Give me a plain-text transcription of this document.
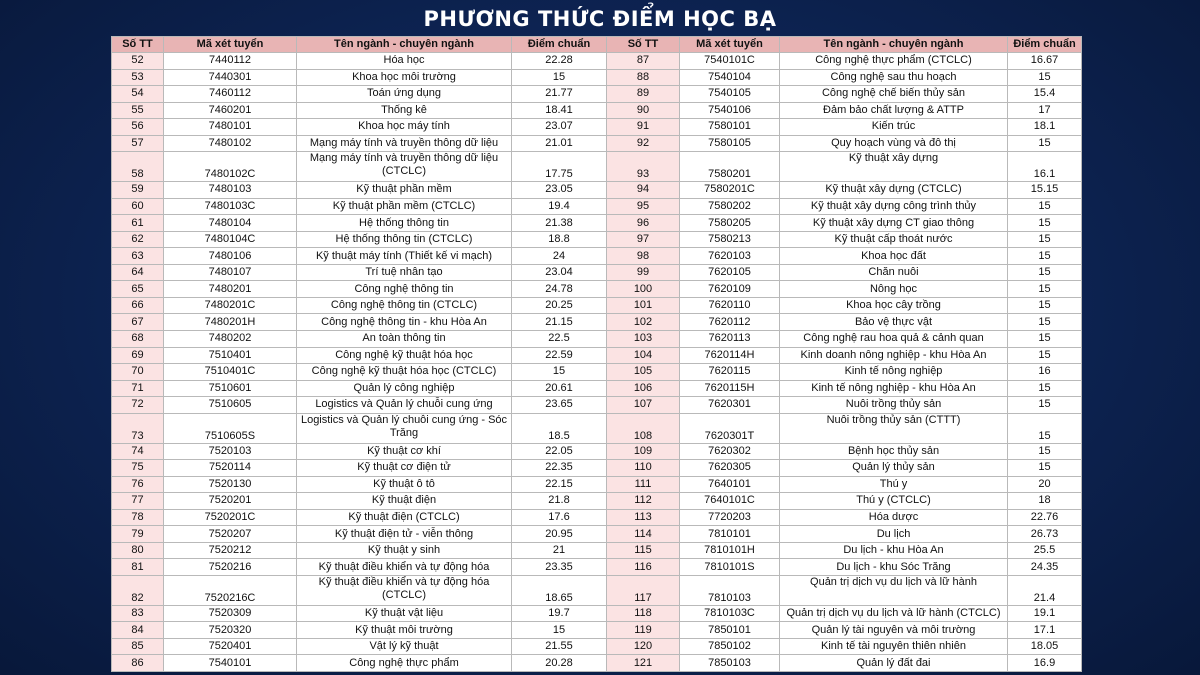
PHƯƠNG THỨC ĐIỂM HỌC BẠ
Số TT	Mã xét tuyển	Tên ngành - chuyên ngành	Điểm chuẩn	Số TT	Mã xét tuyển	Tên ngành - chuyên ngành	Điểm chuẩn
52	7440112	Hóa học	22.28	87	7540101C	Công nghệ thực phẩm (CTCLC)	16.67
53	7440301	Khoa học môi trường	15	88	7540104	Công nghệ sau thu hoạch	15
54	7460112	Toán ứng dụng	21.77	89	7540105	Công nghệ chế biến thủy sản	15.4
55	7460201	Thống kê	18.41	90	7540106	Đảm bảo chất lượng & ATTP	17
56	7480101	Khoa học máy tính	23.07	91	7580101	Kiến trúc	18.1
57	7480102	Mạng máy tính và truyền thông dữ liệu	21.01	92	7580105	Quy hoạch vùng và đô thị	15
58	7480102C	Mạng máy tính và truyền thông dữ liệu (CTCLC)	17.75	93	7580201	Kỹ thuật xây dựng	16.1
59	7480103	Kỹ thuật phần mềm	23.05	94	7580201C	Kỹ thuật xây dựng (CTCLC)	15.15
60	7480103C	Kỹ thuật phần mềm (CTCLC)	19.4	95	7580202	Kỹ thuật xây dựng công trình thủy	15
61	7480104	Hệ thống thông tin	21.38	96	7580205	Kỹ thuật xây dựng CT giao thông	15
62	7480104C	Hệ thống thông tin (CTCLC)	18.8	97	7580213	Kỹ thuật cấp thoát nước	15
63	7480106	Kỹ thuật máy tính (Thiết kế vi mạch)	24	98	7620103	Khoa học đất	15
64	7480107	Trí tuệ nhân tạo	23.04	99	7620105	Chăn nuôi	15
65	7480201	Công nghệ thông tin	24.78	100	7620109	Nông học	15
66	7480201C	Công nghệ thông tin (CTCLC)	20.25	101	7620110	Khoa học cây trồng	15
67	7480201H	Công nghệ thông tin - khu Hòa An	21.15	102	7620112	Bảo vệ thực vật	15
68	7480202	An toàn thông tin	22.5	103	7620113	Công nghệ rau hoa quả & cảnh quan	15
69	7510401	Công nghệ kỹ thuật hóa học	22.59	104	7620114H	Kinh doanh nông nghiệp - khu Hòa An	15
70	7510401C	Công nghệ kỹ thuật hóa học (CTCLC)	15	105	7620115	Kinh tế nông nghiệp	16
71	7510601	Quản lý công nghiệp	20.61	106	7620115H	Kinh tế nông nghiệp - khu Hòa An	15
72	7510605	Logistics và Quản lý chuỗi cung ứng	23.65	107	7620301	Nuôi trồng thủy sản	15
73	7510605S	Logistics và Quản lý chuỗi cung ứng - Sóc Trăng	18.5	108	7620301T	Nuôi trồng thủy sản (CTTT)	15
74	7520103	Kỹ thuật cơ khí	22.05	109	7620302	Bệnh học thủy sản	15
75	7520114	Kỹ thuật cơ điện tử	22.35	110	7620305	Quản lý thủy sản	15
76	7520130	Kỹ thuật ô tô	22.15	111	7640101	Thú y	20
77	7520201	Kỹ thuật điện	21.8	112	7640101C	Thú y (CTCLC)	18
78	7520201C	Kỹ thuật điện (CTCLC)	17.6	113	7720203	Hóa dược	22.76
79	7520207	Kỹ thuật điện tử - viễn thông	20.95	114	7810101	Du lịch	26.73
80	7520212	Kỹ thuật y sinh	21	115	7810101H	Du lịch - khu Hòa An	25.5
81	7520216	Kỹ thuật điều khiển và tự động hóa	23.35	116	7810101S	Du lịch - khu Sóc Trăng	24.35
82	7520216C	Kỹ thuật điều khiển và tự động hóa (CTCLC)	18.65	117	7810103	Quản trị dịch vụ du lịch và lữ hành	21.4
83	7520309	Kỹ thuật vật liệu	19.7	118	7810103C	Quản trị dịch vụ du lịch và lữ hành (CTCLC)	19.1
84	7520320	Kỹ thuật môi trường	15	119	7850101	Quản lý tài nguyên và môi trường	17.1
85	7520401	Vật lý kỹ thuật	21.55	120	7850102	Kinh tế tài nguyên thiên nhiên	18.05
86	7540101	Công nghệ thực phẩm	20.28	121	7850103	Quản lý đất đai	16.9
